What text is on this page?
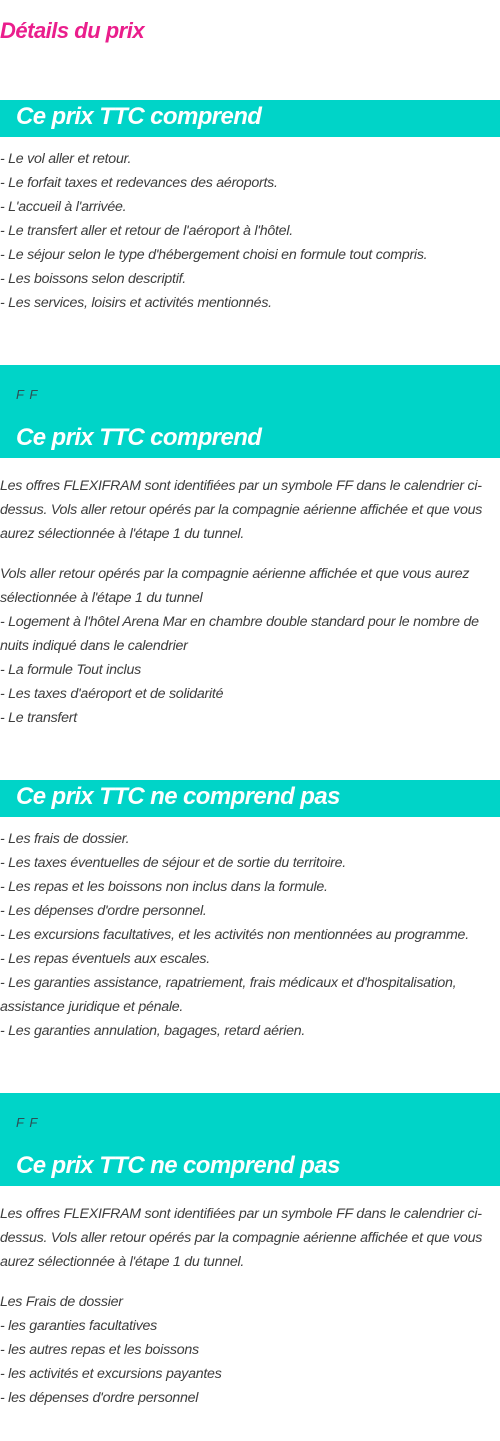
Détails du prix
Ce prix TTC comprend
- Le vol aller et retour.
- Le forfait taxes et redevances des aéroports.
- L'accueil à l'arrivée.
- Le transfert aller et retour de l'aéroport à l'hôtel.
- Le séjour selon le type d'hébergement choisi en formule tout compris.
- Les boissons selon descriptif.
- Les services, loisirs et activités mentionnés.
F F
Ce prix TTC comprend
Les offres FLEXIFRAM sont identifiées par un symbole FF dans le calendrier ci-dessus. Vols aller retour opérés par la compagnie aérienne affichée et que vous aurez sélectionnée à l'étape 1 du tunnel.
Vols aller retour opérés par la compagnie aérienne affichée et que vous aurez sélectionnée à l'étape 1 du tunnel
- Logement à l'hôtel Arena Mar en chambre double standard pour le nombre de nuits indiqué dans le calendrier
- La formule Tout inclus
- Les taxes d'aéroport et de solidarité
- Le transfert
Ce prix TTC ne comprend pas
- Les frais de dossier.
- Les taxes éventuelles de séjour et de sortie du territoire.
- Les repas et les boissons non inclus dans la formule.
- Les dépenses d'ordre personnel.
- Les excursions facultatives, et les activités non mentionnées au programme.
- Les repas éventuels aux escales.
- Les garanties assistance, rapatriement, frais médicaux et d'hospitalisation, assistance juridique et pénale.
- Les garanties annulation, bagages, retard aérien.
F F
Ce prix TTC ne comprend pas
Les offres FLEXIFRAM sont identifiées par un symbole FF dans le calendrier ci-dessus. Vols aller retour opérés par la compagnie aérienne affichée et que vous aurez sélectionnée à l'étape 1 du tunnel.
Les Frais de dossier
- les garanties facultatives
- les autres repas et les boissons
- les activités et excursions payantes
- les dépenses d'ordre personnel
